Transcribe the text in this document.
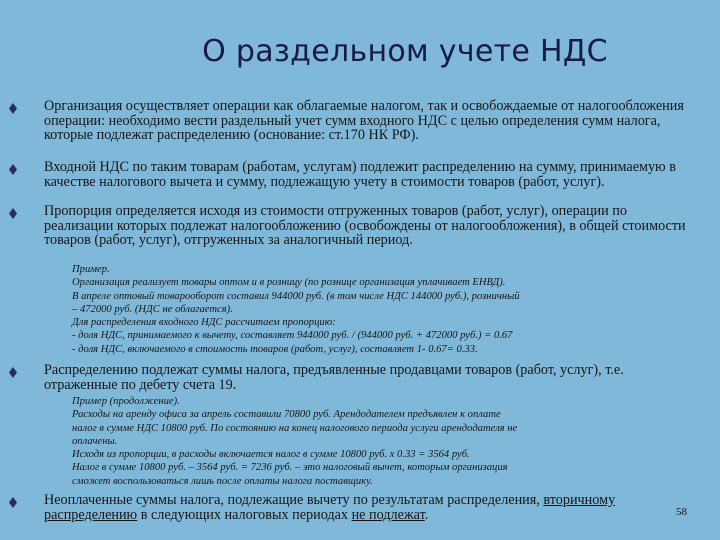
О раздельном учете НДС
Организация осуществляет операции как облагаемые налогом, так и освобождаемые от налогообложения операции: необходимо вести раздельный учет сумм входного НДС с целью определения сумм налога, которые подлежат распределению (основание: ст.170 НК РФ).
Входной НДС по таким товарам (работам, услугам) подлежит распределению на сумму, принимаемую в качестве налогового вычета и сумму, подлежащую учету в стоимости товаров (работ, услуг).
Пропорция определяется исходя из стоимости отгруженных товаров (работ, услуг), операции по реализации которых подлежат налогообложению (освобождены от налогообложения), в общей стоимости товаров (работ, услуг), отгруженных за аналогичный период.
Пример.
Организация реализует товары оптом и в розницу (по рознице организация уплачивает ЕНВД).
В апреле оптовый товарооборот составил 944000 руб. (в том числе НДС 144000 руб.), розничный
– 472000 руб. (НДС не облагается).
Для распределения входного НДС рассчитаем пропорцию:
- доля НДС, принимаемого к вычету, составляет 944000 руб. / (944000 руб. + 472000 руб.) = 0.67
- доля НДС, включаемого в стоимость товаров (работ, услуг), составляет 1- 0.67= 0.33.
Распределению подлежат суммы налога, предъявленные продавцами товаров (работ, услуг), т.е. отраженные по дебету счета 19.
Пример (продолжение).
Расходы на аренду офиса за апрель составили 70800 руб. Арендодателем предъявлен к оплате
налог в сумме НДС 10800 руб. По состоянию на конец налогового периода услуги арендодателя не
оплачены.
Исходя из пропорции, в расходы включается налог в сумме 10800 руб. х 0.33 = 3564 руб.
Налог в сумме 10800 руб. – 3564 руб. = 7236 руб. – это налоговый вычет, которым организация
сможет воспользоваться лишь после оплаты налога поставщику.
Неоплаченные суммы налога, подлежащие вычету по результатам распределения, вторичному распределению в следующих налоговых периодах не подлежат.	58
